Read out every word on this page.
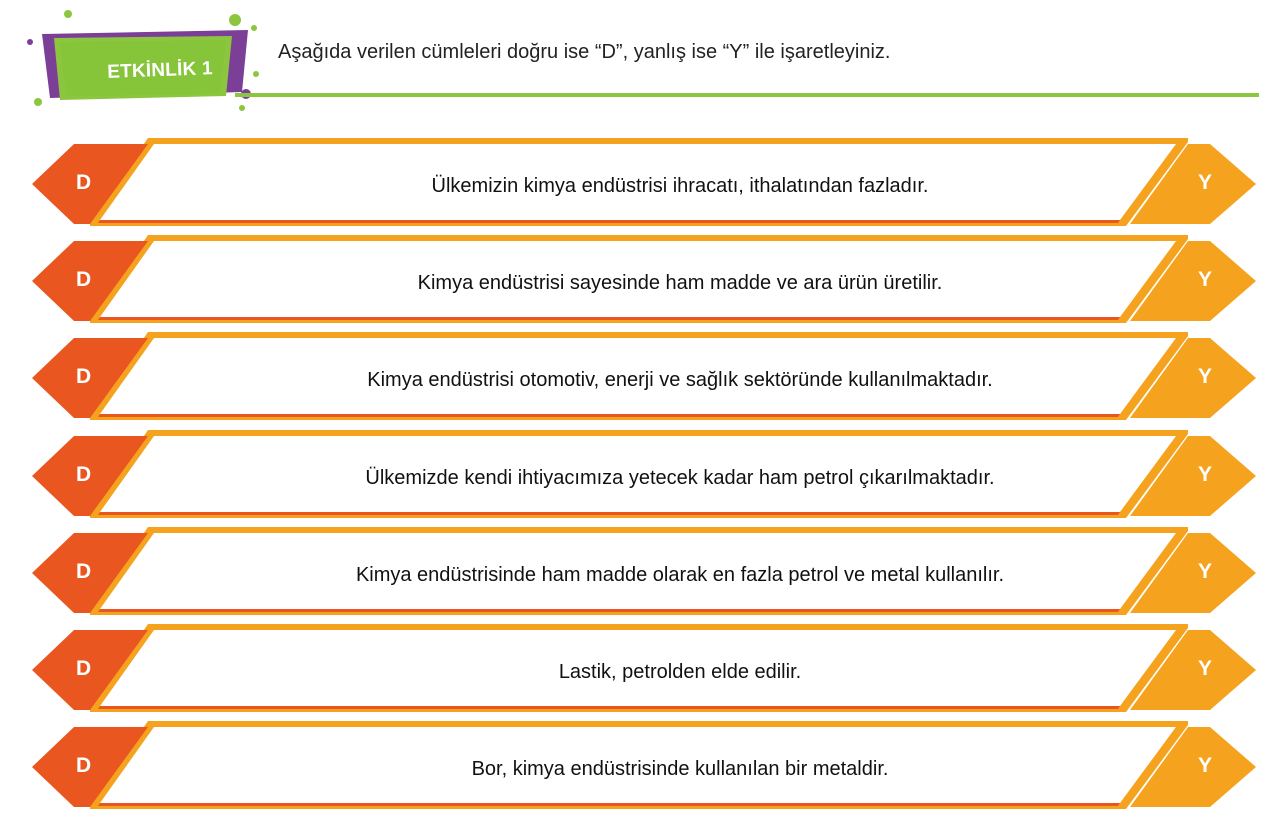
ETKİNLİK 1
Aşağıda verilen cümleleri doğru ise “D”, yanlış ise “Y” ile işaretleyiniz.
D	Ülkemizin kimya endüstrisi ihracatı, ithalatından fazladır.	Y
D	Kimya endüstrisi sayesinde ham madde ve ara ürün üretilir.	Y
D	Kimya endüstrisi otomotiv, enerji ve sağlık sektöründe kullanılmaktadır.	Y
D	Ülkemizde kendi ihtiyacımıza yetecek kadar ham petrol çıkarılmaktadır.	Y
D	Kimya endüstrisinde ham madde olarak en fazla petrol ve metal kullanılır.	Y
D	Lastik, petrolden elde edilir.	Y
D	Bor, kimya endüstrisinde kullanılan bir metaldir.	Y
